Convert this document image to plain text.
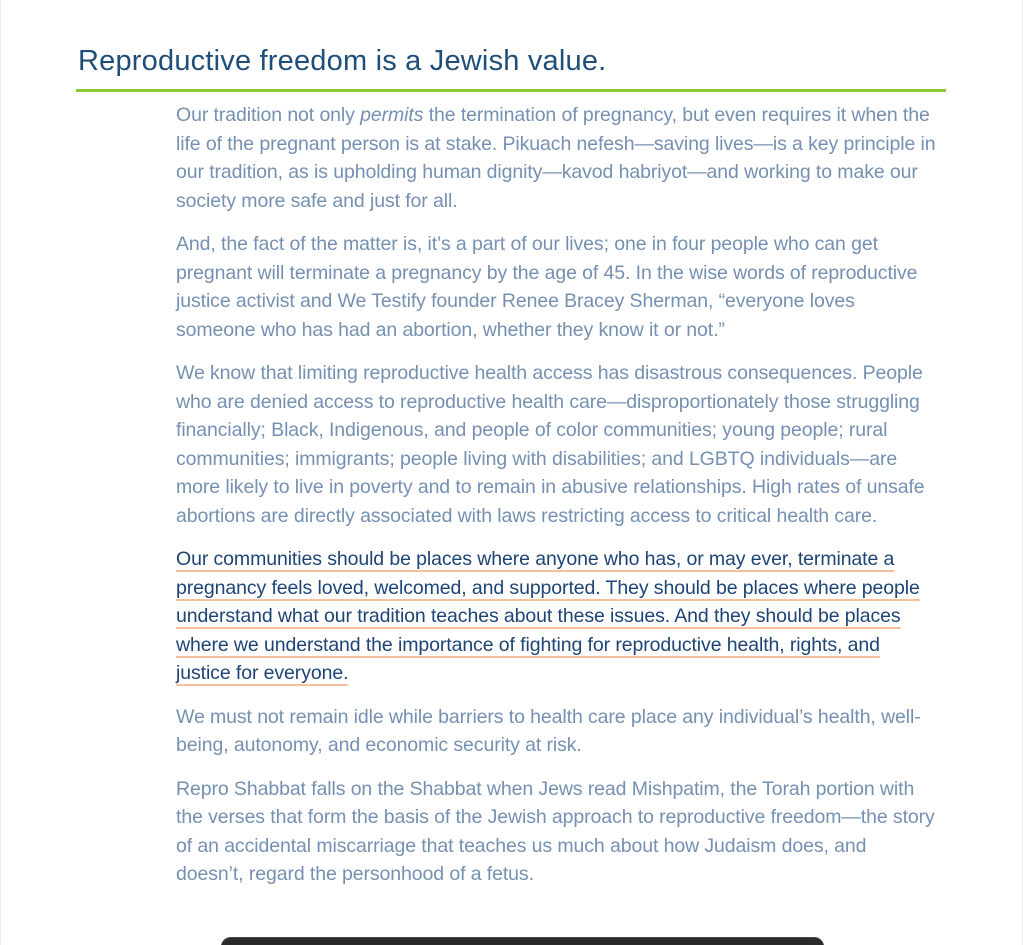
Reproductive freedom is a Jewish value.

Our tradition not only permits the termination of pregnancy, but even requires it when the life of the pregnant person is at stake. Pikuach nefesh—saving lives—is a key principle in our tradition, as is upholding human dignity—kavod habriyot—and working to make our society more safe and just for all.

And, the fact of the matter is, it’s a part of our lives; one in four people who can get pregnant will terminate a pregnancy by the age of 45. In the wise words of reproductive justice activist and We Testify founder Renee Bracey Sherman, “everyone loves someone who has had an abortion, whether they know it or not.”

We know that limiting reproductive health access has disastrous consequences. People who are denied access to reproductive health care—disproportionately those struggling financially; Black, Indigenous, and people of color communities; young people; rural communities; immigrants; people living with disabilities; and LGBTQ individuals—are more likely to live in poverty and to remain in abusive relationships. High rates of unsafe abortions are directly associated with laws restricting access to critical health care.

Our communities should be places where anyone who has, or may ever, terminate a pregnancy feels loved, welcomed, and supported. They should be places where people understand what our tradition teaches about these issues. And they should be places where we understand the importance of fighting for reproductive health, rights, and justice for everyone.

We must not remain idle while barriers to health care place any individual’s health, well-being, autonomy, and economic security at risk.

Repro Shabbat falls on the Shabbat when Jews read Mishpatim, the Torah portion with the verses that form the basis of the Jewish approach to reproductive freedom—the story of an accidental miscarriage that teaches us much about how Judaism does, and doesn’t, regard the personhood of a fetus.
